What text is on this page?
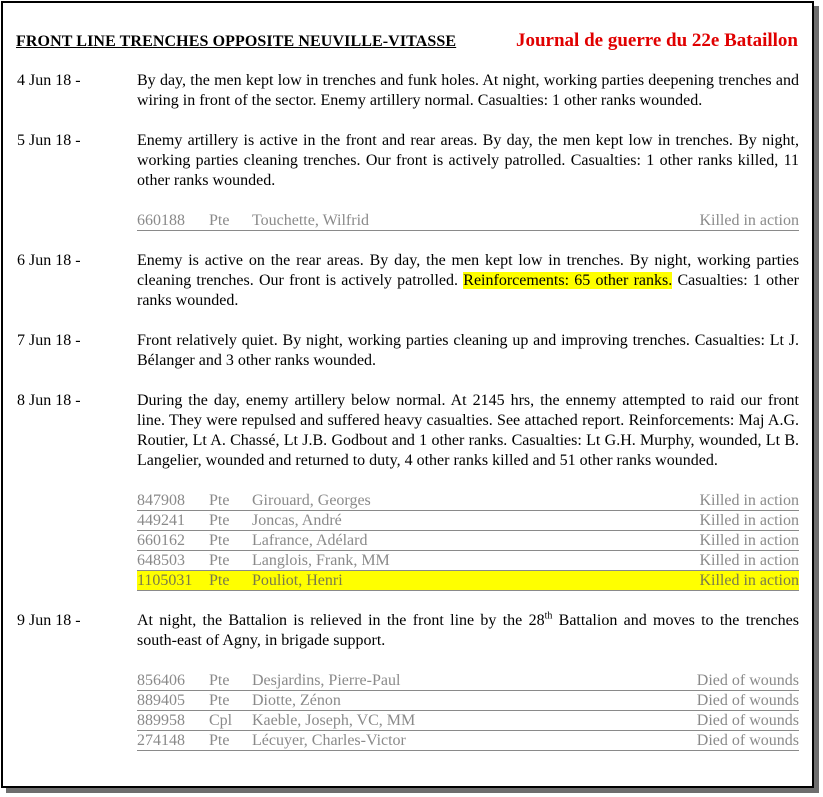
FRONT LINE TRENCHES OPPOSITE NEUVILLE-VITASSE	Journal de guerre du 22e Bataillon
4 Jun 18 -	By day, the men kept low in trenches and funk holes. At night, working parties deepening trenches and wiring in front of the sector. Enemy artillery normal. Casualties: 1 other ranks wounded.
5 Jun 18 -	Enemy artillery is active in the front and rear areas. By day, the men kept low in trenches. By night, working parties cleaning trenches. Our front is actively patrolled. Casualties: 1 other ranks killed, 11 other ranks wounded.
660188 Pte Touchette, Wilfrid	Killed in action
6 Jun 18 -	Enemy is active on the rear areas. By day, the men kept low in trenches. By night, working parties cleaning trenches. Our front is actively patrolled. Reinforcements: 65 other ranks. Casualties: 1 other ranks wounded.
7 Jun 18 -	Front relatively quiet. By night, working parties cleaning up and improving trenches. Casualties: Lt J. Bélanger and 3 other ranks wounded.
8 Jun 18 -	During the day, enemy artillery below normal. At 2145 hrs, the ennemy attempted to raid our front line. They were repulsed and suffered heavy casualties. See attached report. Reinforcements: Maj A.G. Routier, Lt A. Chassé, Lt J.B. Godbout and 1 other ranks. Casualties: Lt G.H. Murphy, wounded, Lt B. Langelier, wounded and returned to duty, 4 other ranks killed and 51 other ranks wounded.
847908 Pte Girouard, Georges	Killed in action
449241 Pte Joncas, André	Killed in action
660162 Pte Lafrance, Adélard	Killed in action
648503 Pte Langlois, Frank, MM	Killed in action
1105031 Pte Pouliot, Henri	Killed in action
9 Jun 18 -	At night, the Battalion is relieved in the front line by the 28th Battalion and moves to the trenches south-east of Agny, in brigade support.
856406 Pte Desjardins, Pierre-Paul	Died of wounds
889405 Pte Diotte, Zénon	Died of wounds
889958 Cpl Kaeble, Joseph, VC, MM	Died of wounds
274148 Pte Lécuyer, Charles-Victor	Died of wounds
